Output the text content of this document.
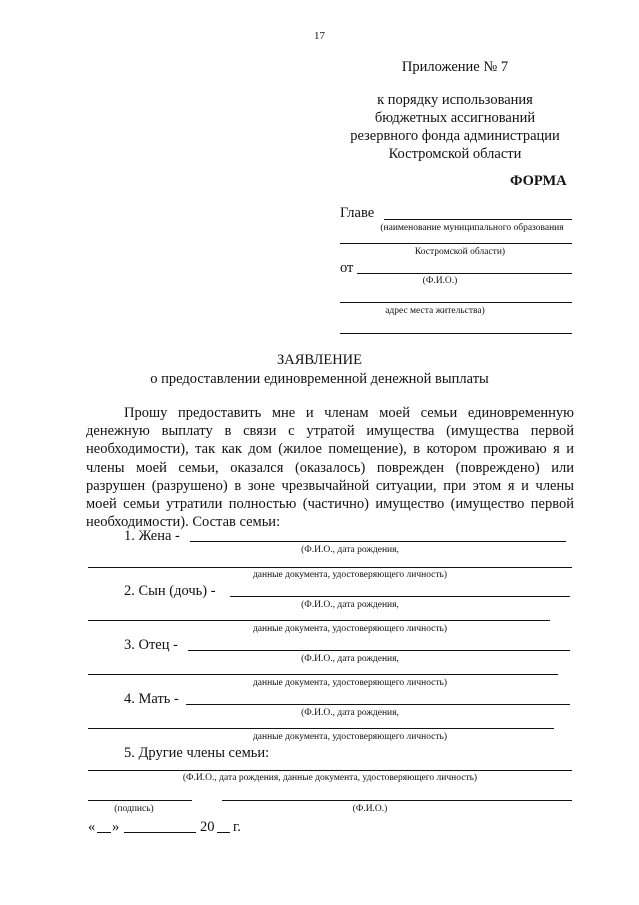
17
Приложение № 7
к порядку использования
бюджетных ассигнований
резервного фонда администрации
Костромской области
ФОРМА
Главе
(наименование муниципального образования
Костромской области)
от
(Ф.И.О.)
адрес места жительства)
ЗАЯВЛЕНИЕ
о предоставлении единовременной денежной выплаты
Прошу предоставить мне и членам моей семьи единовременную
денежную выплату в связи с утратой имущества (имущества первой
необходимости), так как дом (жилое помещение), в котором проживаю я и
члены моей семьи, оказался (оказалось) поврежден (повреждено) или
разрушен (разрушено) в зоне чрезвычайной ситуации, при этом я и члены
моей семьи утратили полностью (частично) имущество (имущество первой
необходимости). Состав семьи:
1. Жена -
(Ф.И.О., дата рождения,
данные документа, удостоверяющего личность)
2. Сын (дочь) -
(Ф.И.О., дата рождения,
данные документа, удостоверяющего личность)
3. Отец -
(Ф.И.О., дата рождения,
данные документа, удостоверяющего личность)
4. Мать -
(Ф.И.О., дата рождения,
данные документа, удостоверяющего личность)
5. Другие члены семьи:
(Ф.И.О., дата рождения, данные документа, удостоверяющего личность)
(подпись)	(Ф.И.О.)
« »	20 г.
